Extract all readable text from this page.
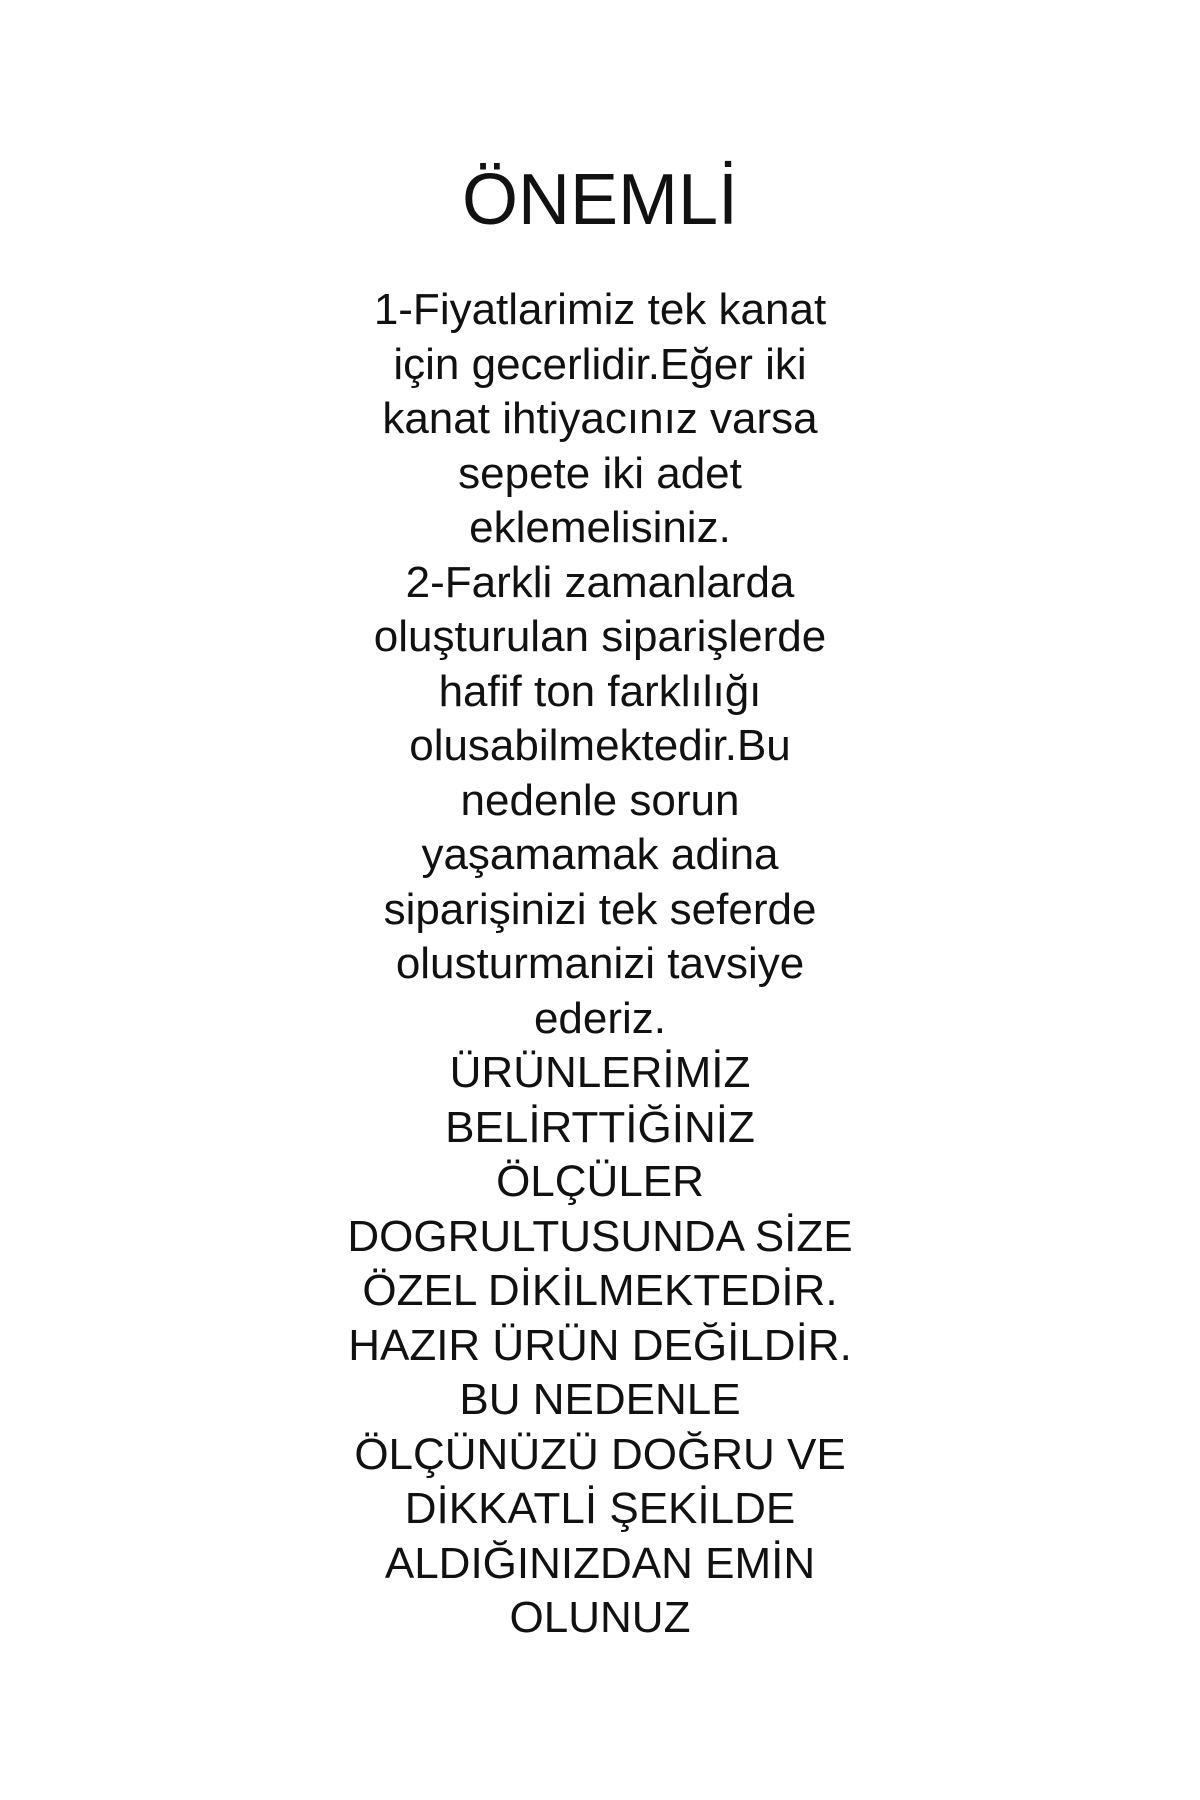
ÖNEMLİ
1-Fiyatlarimiz tek kanat
için gecerlidir.Eğer iki
kanat ihtiyacınız varsa
sepete iki adet
eklemelisiniz.
2-Farkli zamanlarda
oluşturulan siparişlerde
hafif ton farklılığı
olusabilmektedir.Bu
nedenle sorun
yaşamamak adina
siparişinizi tek seferde
olusturmanizi tavsiye
ederiz.
ÜRÜNLERİMİZ
BELİRTTİĞİNİZ
ÖLÇÜLER
DOGRULTUSUNDA SİZE
ÖZEL DİKİLMEKTEDİR.
HAZIR ÜRÜN DEĞİLDİR.
BU NEDENLE
ÖLÇÜNÜZÜ DOĞRU VE
DİKKATLİ ŞEKİLDE
ALDIĞINIZDAN EMİN
OLUNUZ
